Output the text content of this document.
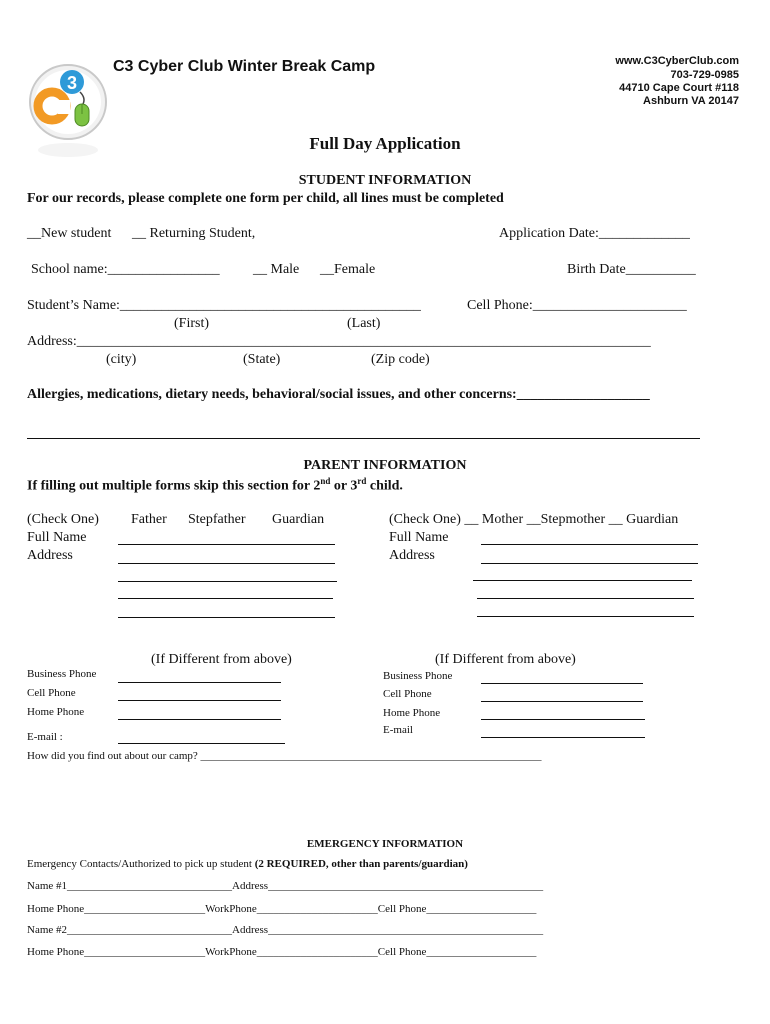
3
C3 Cyber Club Winter Break Camp	www.C3CyberClub.com
703-729-0985
44710 Cape Court #118
Ashburn VA 20147
Full Day Application
STUDENT INFORMATION
For our records, please complete one form per child, all lines must be completed
__New student __ Returning Student,	Application Date:_____________
School name:________________ __ Male __Female	Birth Date__________
Student’s Name:___________________________________________	Cell Phone:______________________
(First)	(Last)
Address:__________________________________________________________________________________
(city)	(State)	(Zip code)
Allergies, medications, dietary needs, behavioral/social issues, and other concerns:___________________
PARENT INFORMATION
If filling out multiple forms skip this section for 2nd or 3rd child.
(Check One) Father Stepfather Guardian
Full Name
Address
(If Different from above)
Business Phone
Cell Phone
Home Phone
E-mail :
(Check One) __ Mother __Stepmother __ Guardian
Full Name
Address
(If Different from above)
Business Phone
Cell Phone
Home Phone
E-mail
How did you find out about our camp? ______________________________________________________________
EMERGENCY INFORMATION
Emergency Contacts/Authorized to pick up student (2 REQUIRED, other than parents/guardian)
Name #1______________________________Address__________________________________________________
Home Phone______________________WorkPhone______________________Cell Phone____________________
Name #2______________________________Address__________________________________________________
Home Phone______________________WorkPhone______________________Cell Phone____________________
